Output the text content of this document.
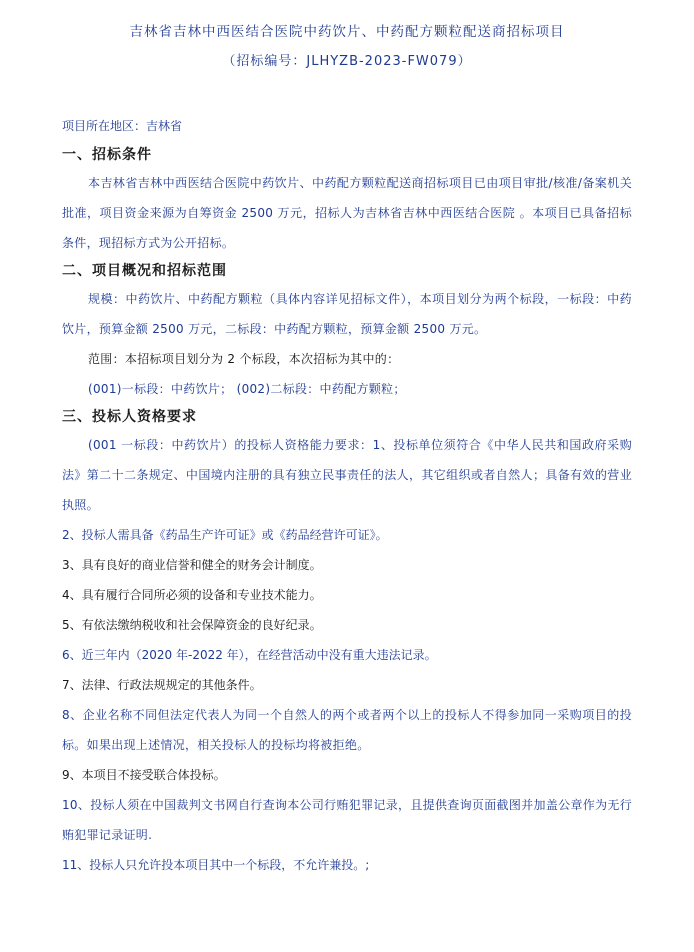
吉林省吉林中西医结合医院中药饮片、中药配方颗粒配送商招标项目
（招标编号：JLHYZB-2023-FW079）
项目所在地区：吉林省
一、招标条件
本吉林省吉林中西医结合医院中药饮片、中药配方颗粒配送商招标项目已由项目审批/核准/备案机关批准，项目资金来源为自筹资金 2500 万元，招标人为吉林省吉林中西医结合医院 。本项目已具备招标条件，现招标方式为公开招标。
二、项目概况和招标范围
规模：中药饮片、中药配方颗粒（具体内容详见招标文件），本项目划分为两个标段，一标段：中药饮片，预算金额 2500 万元，二标段：中药配方颗粒，预算金额 2500 万元。
范围：本招标项目划分为 2 个标段，本次招标为其中的：
(001)一标段：中药饮片； (002)二标段：中药配方颗粒；
三、投标人资格要求
(001 一标段：中药饮片）的投标人资格能力要求：1、投标单位须符合《中华人民共和国政府采购法》第二十二条规定、中国境内注册的具有独立民事责任的法人，其它组织或者自然人；具备有效的营业执照。
2、投标人需具备《药品生产许可证》或《药品经营许可证》。
3、具有良好的商业信誉和健全的财务会计制度。
4、具有履行合同所必须的设备和专业技术能力。
5、有依法缴纳税收和社会保障资金的良好纪录。
6、近三年内（2020 年-2022 年），在经营活动中没有重大违法记录。
7、法律、行政法规规定的其他条件。
8、企业名称不同但法定代表人为同一个自然人的两个或者两个以上的投标人不得参加同一采购项目的投标。如果出现上述情况，相关投标人的投标均将被拒绝。
9、本项目不接受联合体投标。
10、投标人须在中国裁判文书网自行查询本公司行贿犯罪记录，且提供查询页面截图并加盖公章作为无行贿犯罪记录证明.
11、投标人只允许投本项目其中一个标段，不允许兼投。;
